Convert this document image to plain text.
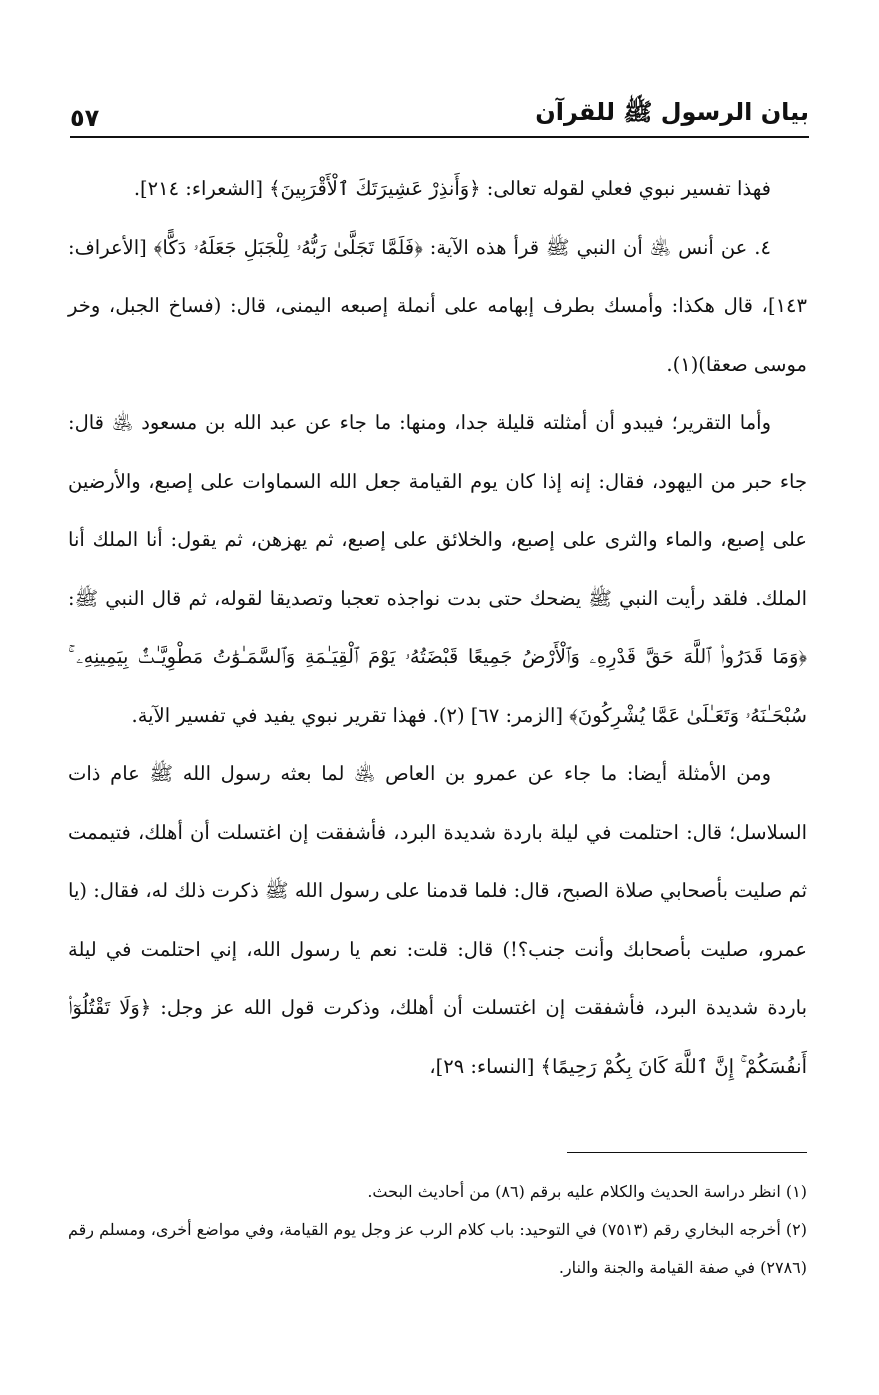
بيان الرسول ﷺ للقرآن
٥٧

فهذا تفسير نبوي فعلي لقوله تعالى: ﴿وَأَنذِرْ عَشِيرَتَكَ ٱلْأَقْرَبِينَ﴾ [الشعراء: ٢١٤].

٤. عن أنس ﵁ أن النبي ﷺ قرأ هذه الآية: ﴿فَلَمَّا تَجَلَّىٰ رَبُّهُۥ لِلْجَبَلِ جَعَلَهُۥ دَكًّا﴾ [الأعراف: ١٤٣]، قال هكذا: وأمسك بطرف إبهامه على أنملة إصبعه اليمنى، قال: (فساخ الجبل، وخر موسى صعقا)(١).

وأما التقرير؛ فيبدو أن أمثلته قليلة جدا، ومنها: ما جاء عن عبد الله بن مسعود ﵁ قال: جاء حبر من اليهود، فقال: إنه إذا كان يوم القيامة جعل الله السماوات على إصبع، والأرضين على إصبع، والماء والثرى على إصبع، والخلائق على إصبع، ثم يهزهن، ثم يقول: أنا الملك أنا الملك. فلقد رأيت النبي ﷺ يضحك حتى بدت نواجذه تعجبا وتصديقا لقوله، ثم قال النبي ﷺ: ﴿وَمَا قَدَرُوا۟ ٱللَّهَ حَقَّ قَدْرِهِۦ وَٱلْأَرْضُ جَمِيعًا قَبْضَتُهُۥ يَوْمَ ٱلْقِيَـٰمَةِ وَٱلسَّمَـٰوَٰتُ مَطْوِيَّـٰتٌۢ بِيَمِينِهِۦ ۚ سُبْحَـٰنَهُۥ وَتَعَـٰلَىٰ عَمَّا يُشْرِكُونَ﴾ [الزمر: ٦٧] (٢). فهذا تقرير نبوي يفيد في تفسير الآية.

ومن الأمثلة أيضا: ما جاء عن عمرو بن العاص ﵁ لما بعثه رسول الله ﷺ عام ذات السلاسل؛ قال: احتلمت في ليلة باردة شديدة البرد، فأشفقت إن اغتسلت أن أهلك، فتيممت ثم صليت بأصحابي صلاة الصبح، قال: فلما قدمنا على رسول الله ﷺ ذكرت ذلك له، فقال: (يا عمرو، صليت بأصحابك وأنت جنب؟!) قال: قلت: نعم يا رسول الله، إني احتلمت في ليلة باردة شديدة البرد، فأشفقت إن اغتسلت أن أهلك، وذكرت قول الله عز وجل: ﴿وَلَا تَقْتُلُوٓا۟ أَنفُسَكُمْ ۚ إِنَّ ٱللَّهَ كَانَ بِكُمْ رَحِيمًا﴾ [النساء: ٢٩]،

(١) انظر دراسة الحديث والكلام عليه برقم (٨٦) من أحاديث البحث.

(٢) أخرجه البخاري رقم (٧٥١٣) في التوحيد: باب كلام الرب عز وجل يوم القيامة، وفي مواضع أخرى، ومسلم رقم (٢٧٨٦) في صفة القيامة والجنة والنار.
